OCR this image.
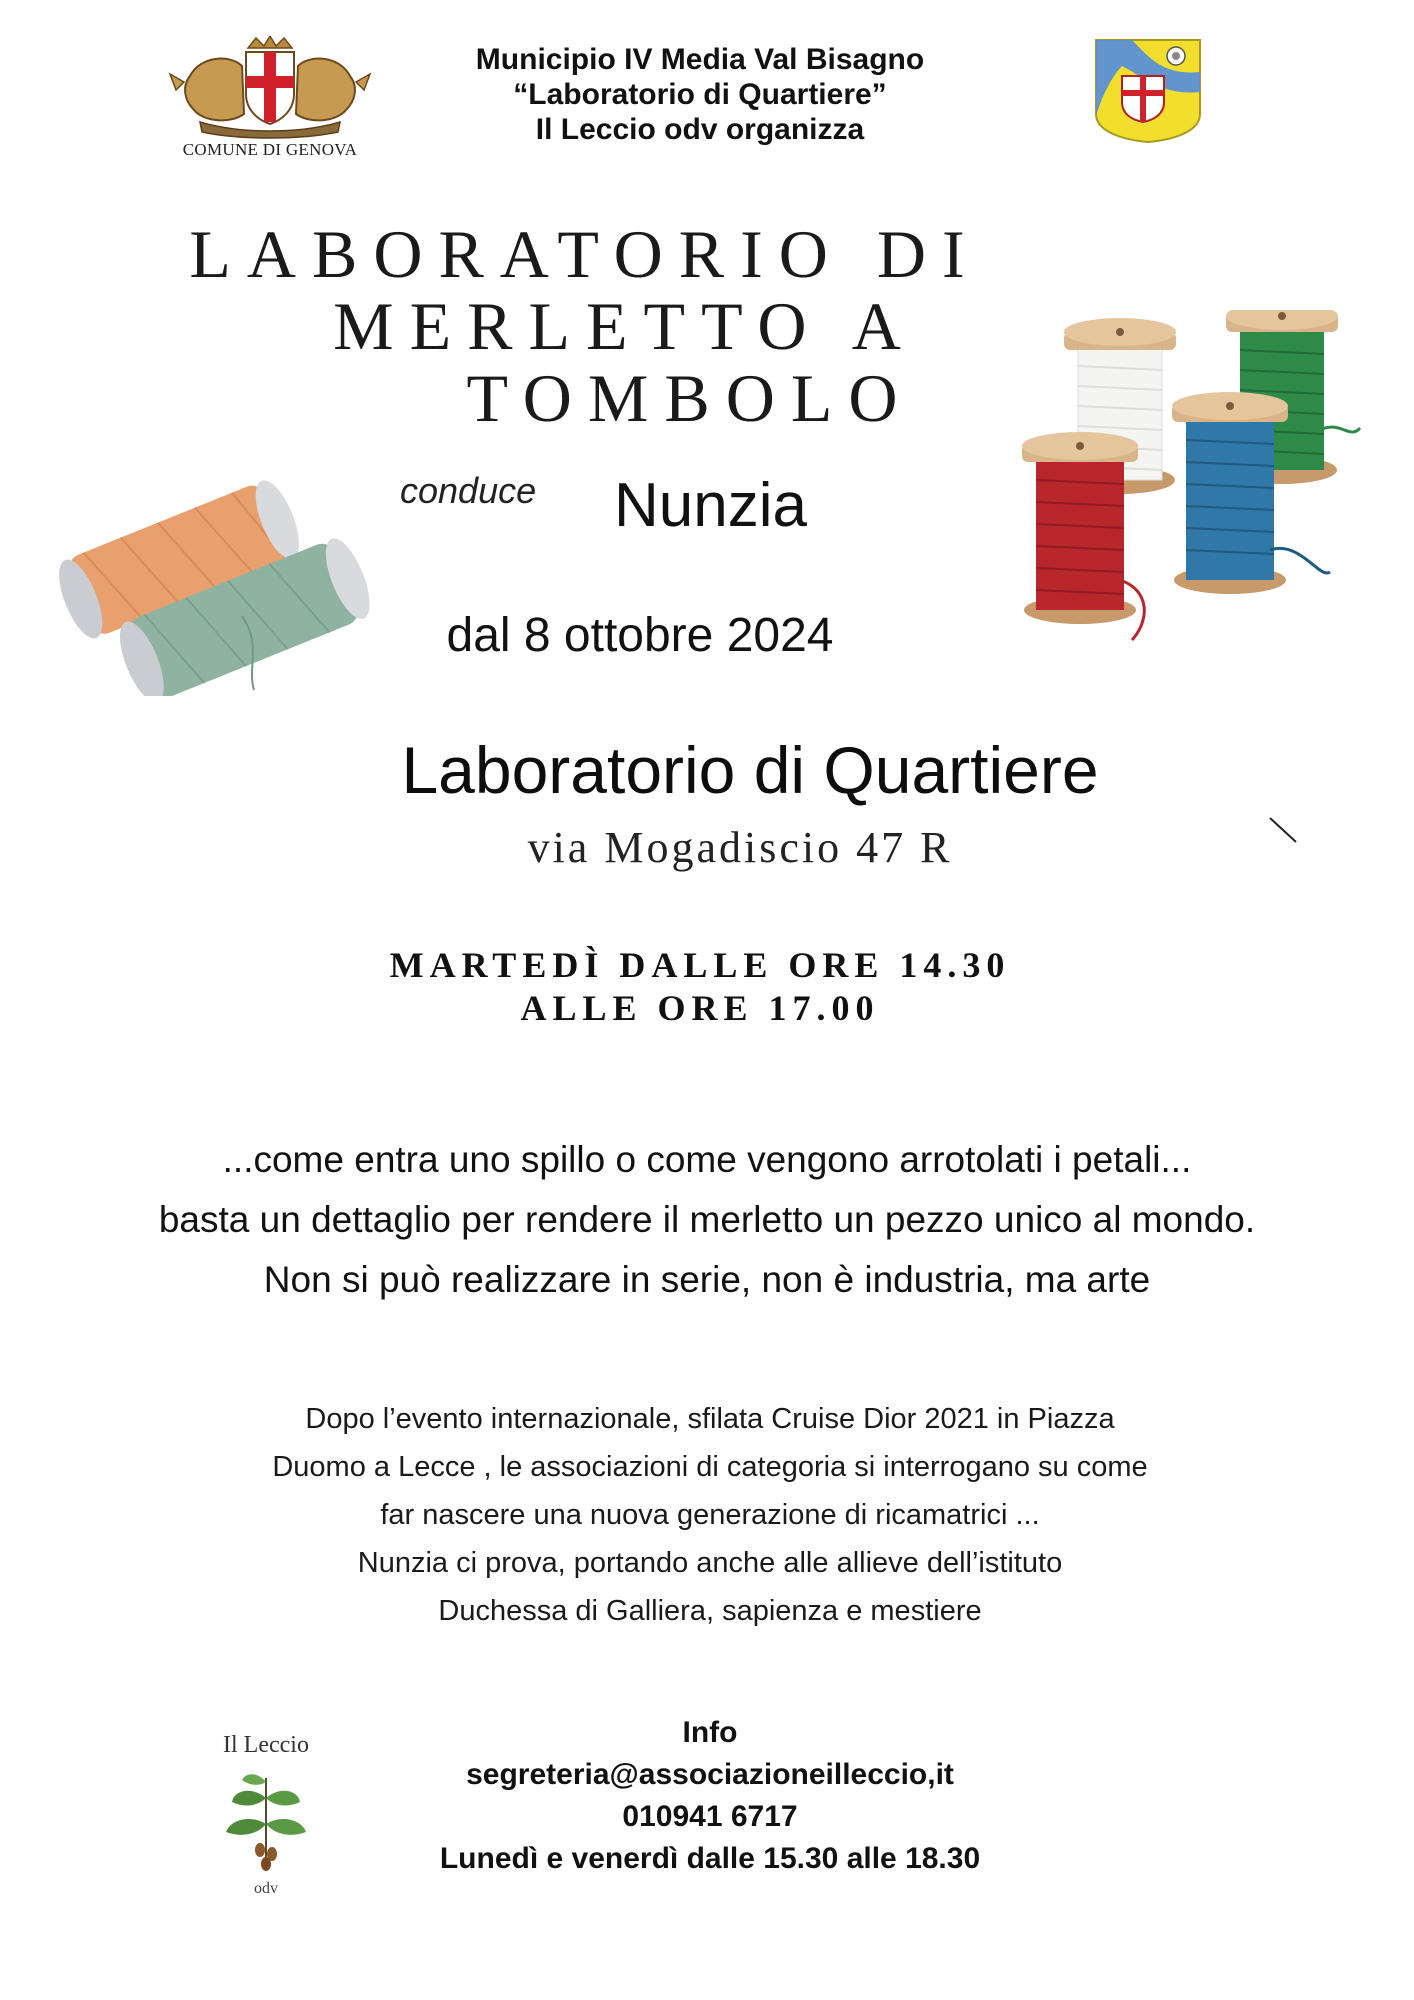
COMUNE DI GENOVA
Municipio IV Media Val Bisagno
“Laboratorio di Quartiere”
Il Leccio odv organizza
LABORATORIO DI
MERLETTO A
TOMBOLO
conduce Nunzia
dal 8 ottobre 2024
Laboratorio di Quartiere
via Mogadiscio 47 R
MARTEDÌ DALLE ORE 14.30
ALLE ORE 17.00
...come entra uno spillo o come vengono arrotolati i petali...
basta un dettaglio per rendere il merletto un pezzo unico al mondo.
Non si può realizzare in serie, non è industria, ma arte
Dopo l’evento internazionale, sfilata Cruise Dior 2021 in Piazza
Duomo a Lecce , le associazioni di categoria si interrogano su come
far nascere una nuova generazione di ricamatrici ...
Nunzia ci prova, portando anche alle allieve dell’istituto
Duchessa di Galliera, sapienza e mestiere
Il Leccio
odv
Info
segreteria@associazioneilleccio,it
010941 6717
Lunedì e venerdì dalle 15.30 alle 18.30
